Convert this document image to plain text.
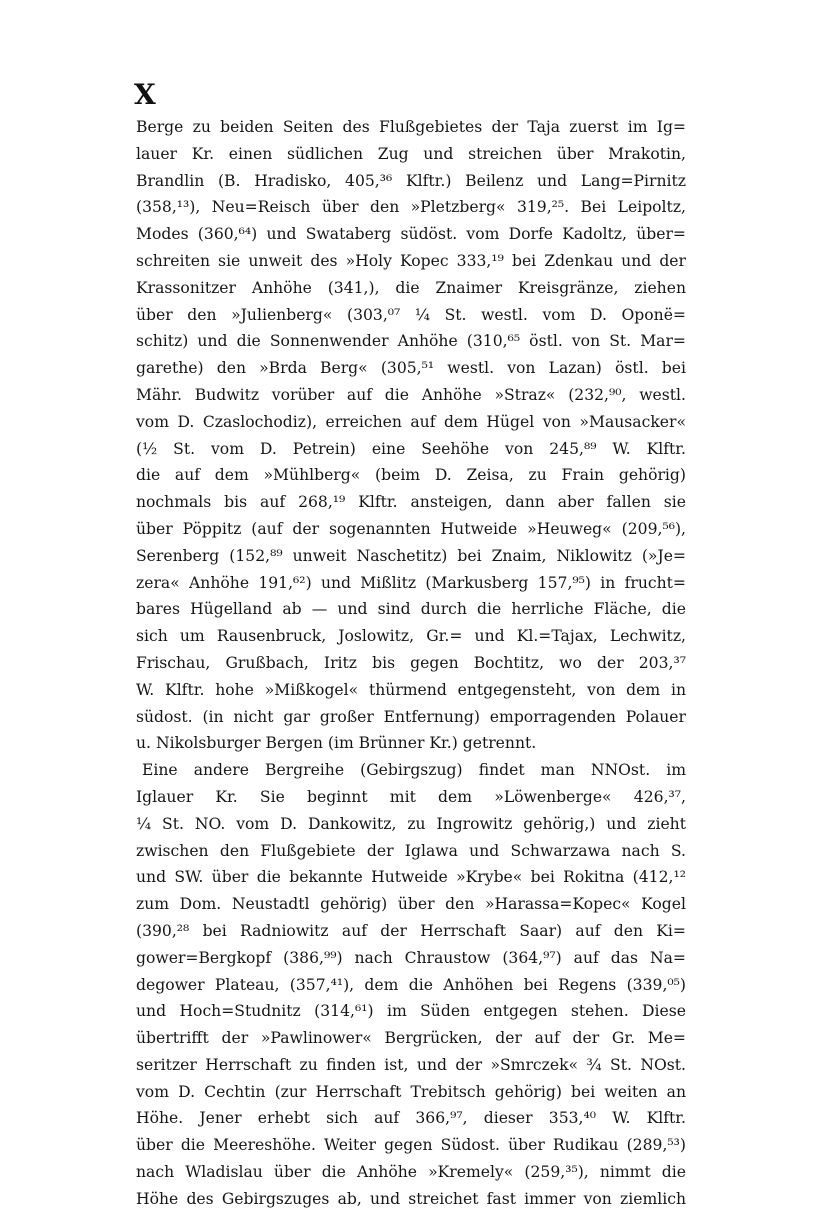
X
Berge zu beiden Seiten des Flußgebietes der Taja zuerst im Ig=
lauer Kr. einen südlichen Zug und streichen über Mrakotin,
Brandlin (B. Hradisko, 405,³⁶ Klftr.) Beilenz und Lang=Pirnitz
(358,¹³), Neu=Reisch über den »Pletzberg« 319,²⁵. Bei Leipoltz,
Modes (360,⁶⁴) und Swataberg südöst. vom Dorfe Kadoltz, über=
schreiten sie unweit des »Holy Kopec 333,¹⁹ bei Zdenkau und der
Krassonitzer Anhöhe (341,), die Znaimer Kreisgränze, ziehen
über den »Julienberg« (303,⁰⁷ ¼ St. westl. vom D. Oponë=
schitz) und die Sonnenwender Anhöhe (310,⁶⁵ östl. von St. Mar=
garethe) den »Brda Berg« (305,⁵¹ westl. von Lazan) östl. bei
Mähr. Budwitz vorüber auf die Anhöhe »Straz« (232,⁹⁰, westl.
vom D. Czaslochodiz), erreichen auf dem Hügel von »Mausacker«
(½ St. vom D. Petrein) eine Seehöhe von 245,⁸⁹ W. Klftr.
die auf dem »Mühlberg« (beim D. Zeisa, zu Frain gehörig)
nochmals bis auf 268,¹⁹ Klftr. ansteigen, dann aber fallen sie
über Pöppitz (auf der sogenannten Hutweide »Heuweg« (209,⁵⁶),
Serenberg (152,⁸⁹ unweit Naschetitz) bei Znaim, Niklowitz (»Je=
zera« Anhöhe 191,⁶²) und Mißlitz (Markusberg 157,⁹⁵) in frucht=
bares Hügelland ab — und sind durch die herrliche Fläche, die
sich um Rausenbruck, Joslowitz, Gr.= und Kl.=Tajax, Lechwitz,
Frischau, Grußbach, Iritz bis gegen Bochtitz, wo der 203,³⁷
W. Klftr. hohe »Mißkogel« thürmend entgegensteht, von dem in
südost. (in nicht gar großer Entfernung) emporragenden Polauer
u. Nikolsburger Bergen (im Brünner Kr.) getrennt.
Eine andere Bergreihe (Gebirgszug) findet man NNOst. im
Iglauer Kr. Sie beginnt mit dem »Löwenberge« 426,³⁷,
¼ St. NO. vom D. Dankowitz, zu Ingrowitz gehörig,) und zieht
zwischen den Flußgebiete der Iglawa und Schwarzawa nach S.
und SW. über die bekannte Hutweide »Krybe« bei Rokitna (412,¹²
zum Dom. Neustadtl gehörig) über den »Harassa=Kopec« Kogel
(390,²⁸ bei Radniowitz auf der Herrschaft Saar) auf den Ki=
gower=Bergkopf (386,⁹⁹) nach Chraustow (364,⁹⁷) auf das Na=
degower Plateau, (357,⁴¹), dem die Anhöhen bei Regens (339,⁰⁵)
und Hoch=Studnitz (314,⁶¹) im Süden entgegen stehen. Diese
übertrifft der »Pawlinower« Bergrücken, der auf der Gr. Me=
seritzer Herrschaft zu finden ist, und der »Smrczek« ¾ St. NOst.
vom D. Cechtin (zur Herrschaft Trebitsch gehörig) bei weiten an
Höhe. Jener erhebt sich auf 366,⁹⁷, dieser 353,⁴⁰ W. Klftr.
über die Meereshöhe. Weiter gegen Südost. über Rudikau (289,⁵³)
nach Wladislau über die Anhöhe »Kremely« (259,³⁵), nimmt die
Höhe des Gebirgszuges ab, und streichet fast immer von ziemlich
